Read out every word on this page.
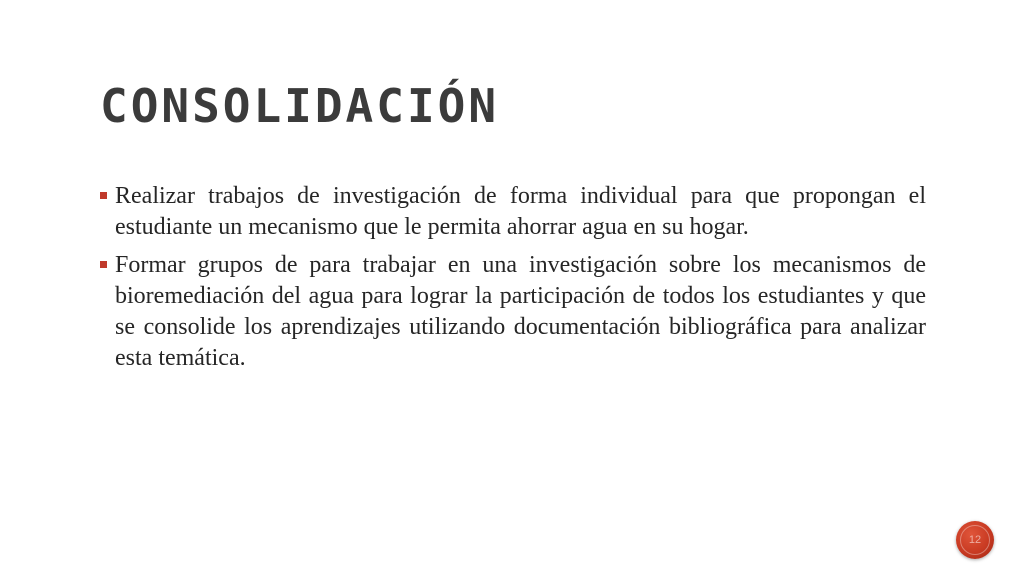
CONSOLIDACIÓN
Realizar trabajos de investigación de forma individual para que propongan el estudiante un mecanismo que le permita ahorrar agua en su hogar.
Formar grupos de para trabajar en una investigación sobre los mecanismos de bioremediación del agua para lograr la participación de todos los estudiantes y que se consolide los aprendizajes utilizando documentación bibliográfica para analizar esta temática.
12
